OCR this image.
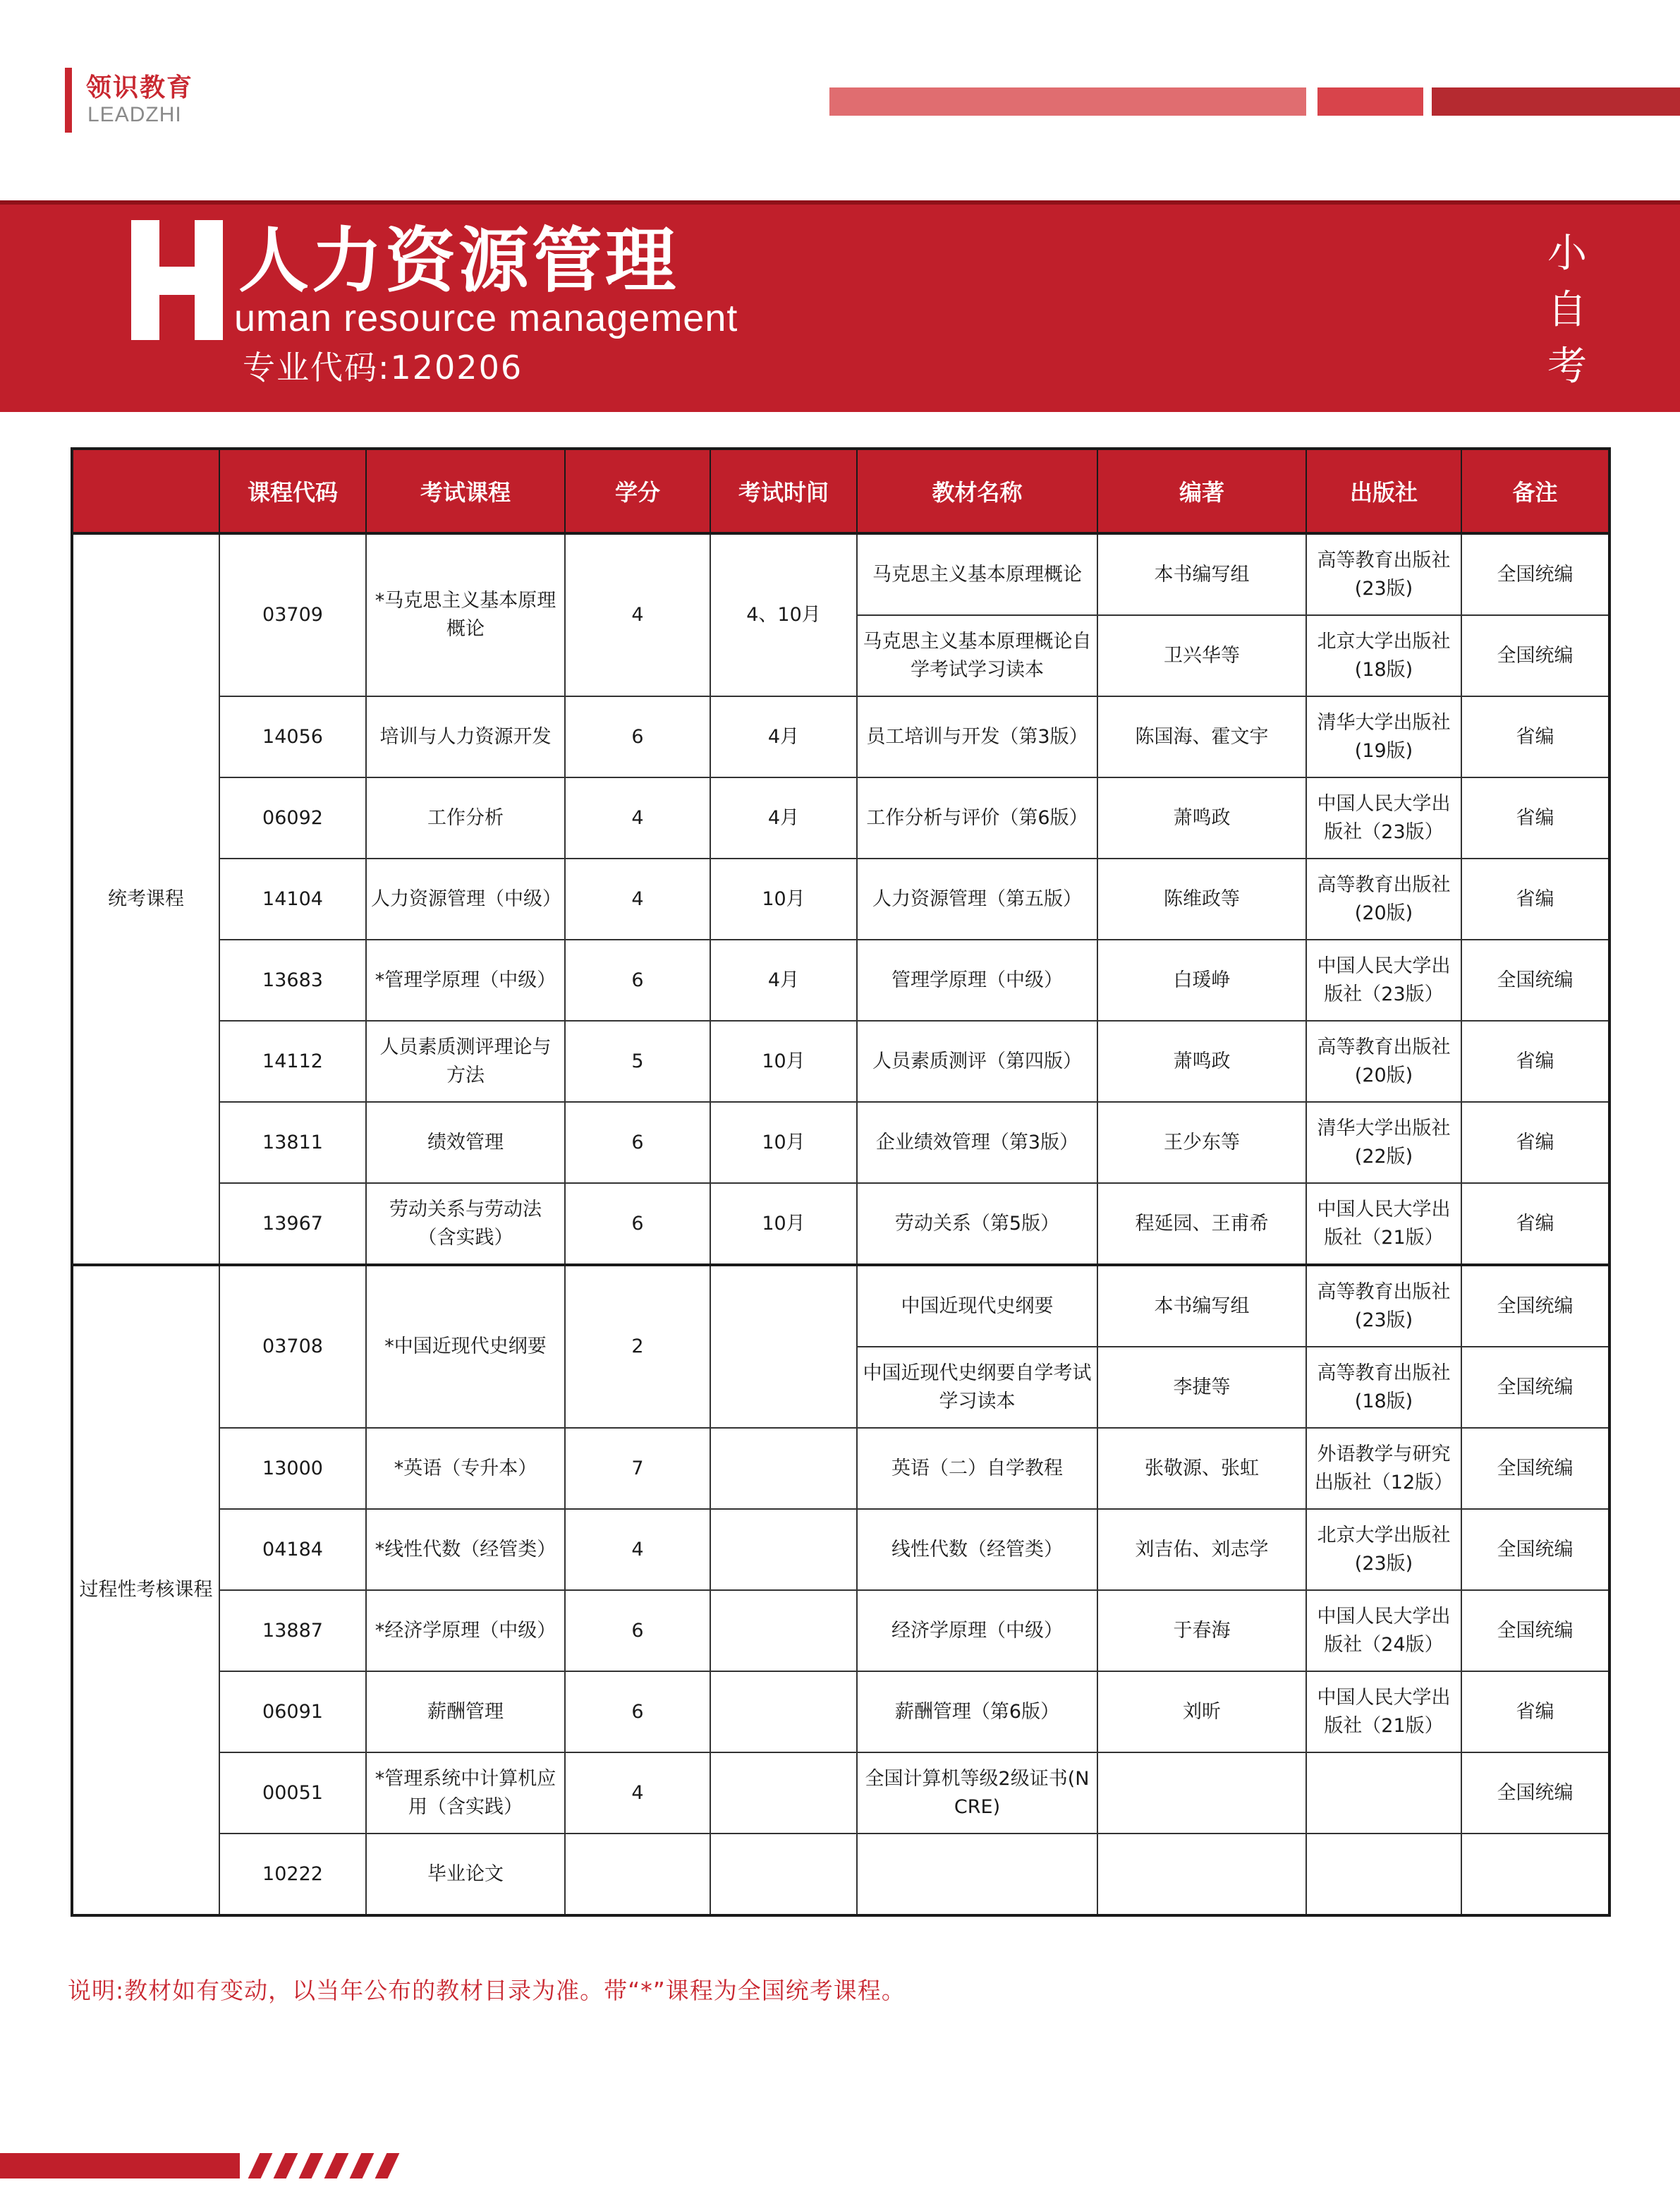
领识教育
LEADZHI
人力资源管理
uman resource management
专业代码:120206
小
自
考
	课程代码	考试课程	学分	考试时间	教材名称	编著	出版社	备注
统考课程	03709	*马克思主义基本原理概论	4	4、10月	马克思主义基本原理概论	本书编写组	高等教育出版社(23版)	全国统编
					马克思主义基本原理概论自学考试学习读本	卫兴华等	北京大学出版社(18版)	全国统编
	14056	培训与人力资源开发	6	4月	员工培训与开发（第3版）	陈国海、霍文宇	清华大学出版社(19版)	省编
	06092	工作分析	4	4月	工作分析与评价（第6版）	萧鸣政	中国人民大学出版社（23版）	省编
	14104	人力资源管理（中级）	4	10月	人力资源管理（第五版）	陈维政等	高等教育出版社(20版)	省编
	13683	*管理学原理（中级）	6	4月	管理学原理（中级）	白瑗峥	中国人民大学出版社（23版）	全国统编
	14112	人员素质测评理论与方法	5	10月	人员素质测评（第四版）	萧鸣政	高等教育出版社(20版)	省编
	13811	绩效管理	6	10月	企业绩效管理（第3版）	王少东等	清华大学出版社(22版)	省编
	13967	劳动关系与劳动法（含实践）	6	10月	劳动关系（第5版）	程延园、王甫希	中国人民大学出版社（21版）	省编
过程性考核课程	03708	*中国近现代史纲要	2		中国近现代史纲要	本书编写组	高等教育出版社(23版)	全国统编
					中国近现代史纲要自学考试学习读本	李捷等	高等教育出版社(18版)	全国统编
	13000	*英语（专升本）	7		英语（二）自学教程	张敬源、张虹	外语教学与研究出版社（12版）	全国统编
	04184	*线性代数（经管类）	4		线性代数（经管类）	刘吉佑、刘志学	北京大学出版社(23版)	全国统编
	13887	*经济学原理（中级）	6		经济学原理（中级）	于春海	中国人民大学出版社（24版）	全国统编
	06091	薪酬管理	6		薪酬管理（第6版）	刘昕	中国人民大学出版社（21版）	省编
	00051	*管理系统中计算机应用（含实践）	4		全国计算机等级2级证书(NCRE)			全国统编
	10222	毕业论文						
说明:教材如有变动，以当年公布的教材目录为准。带“*”课程为全国统考课程。
